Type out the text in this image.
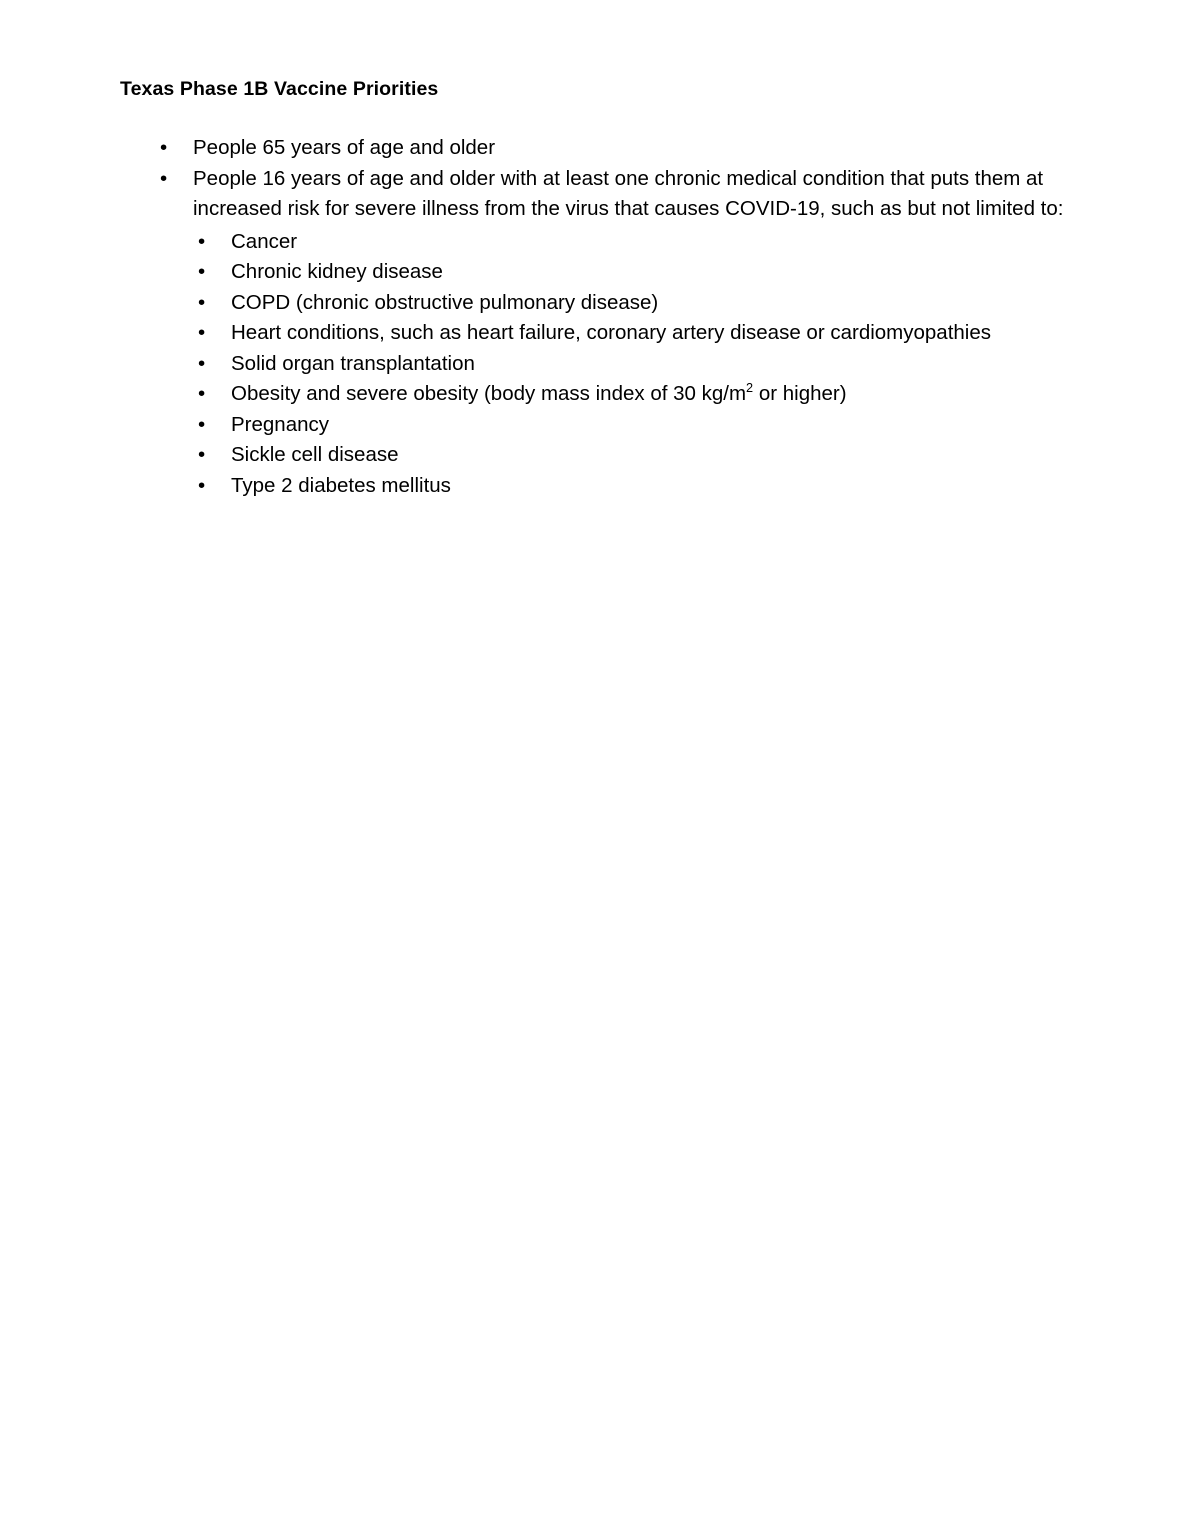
Texas Phase 1B Vaccine Priorities
•	People 65 years of age and older
•	People 16 years of age and older with at least one chronic medical condition that puts them at increased risk for severe illness from the virus that causes COVID-19, such as but not limited to:
•	Cancer
•	Chronic kidney disease
•	COPD (chronic obstructive pulmonary disease)
•	Heart conditions, such as heart failure, coronary artery disease or cardiomyopathies
•	Solid organ transplantation
•	Obesity and severe obesity (body mass index of 30 $kg/m^2$ or higher)
•	Pregnancy
•	Sickle cell disease
•	Type 2 diabetes mellitus
